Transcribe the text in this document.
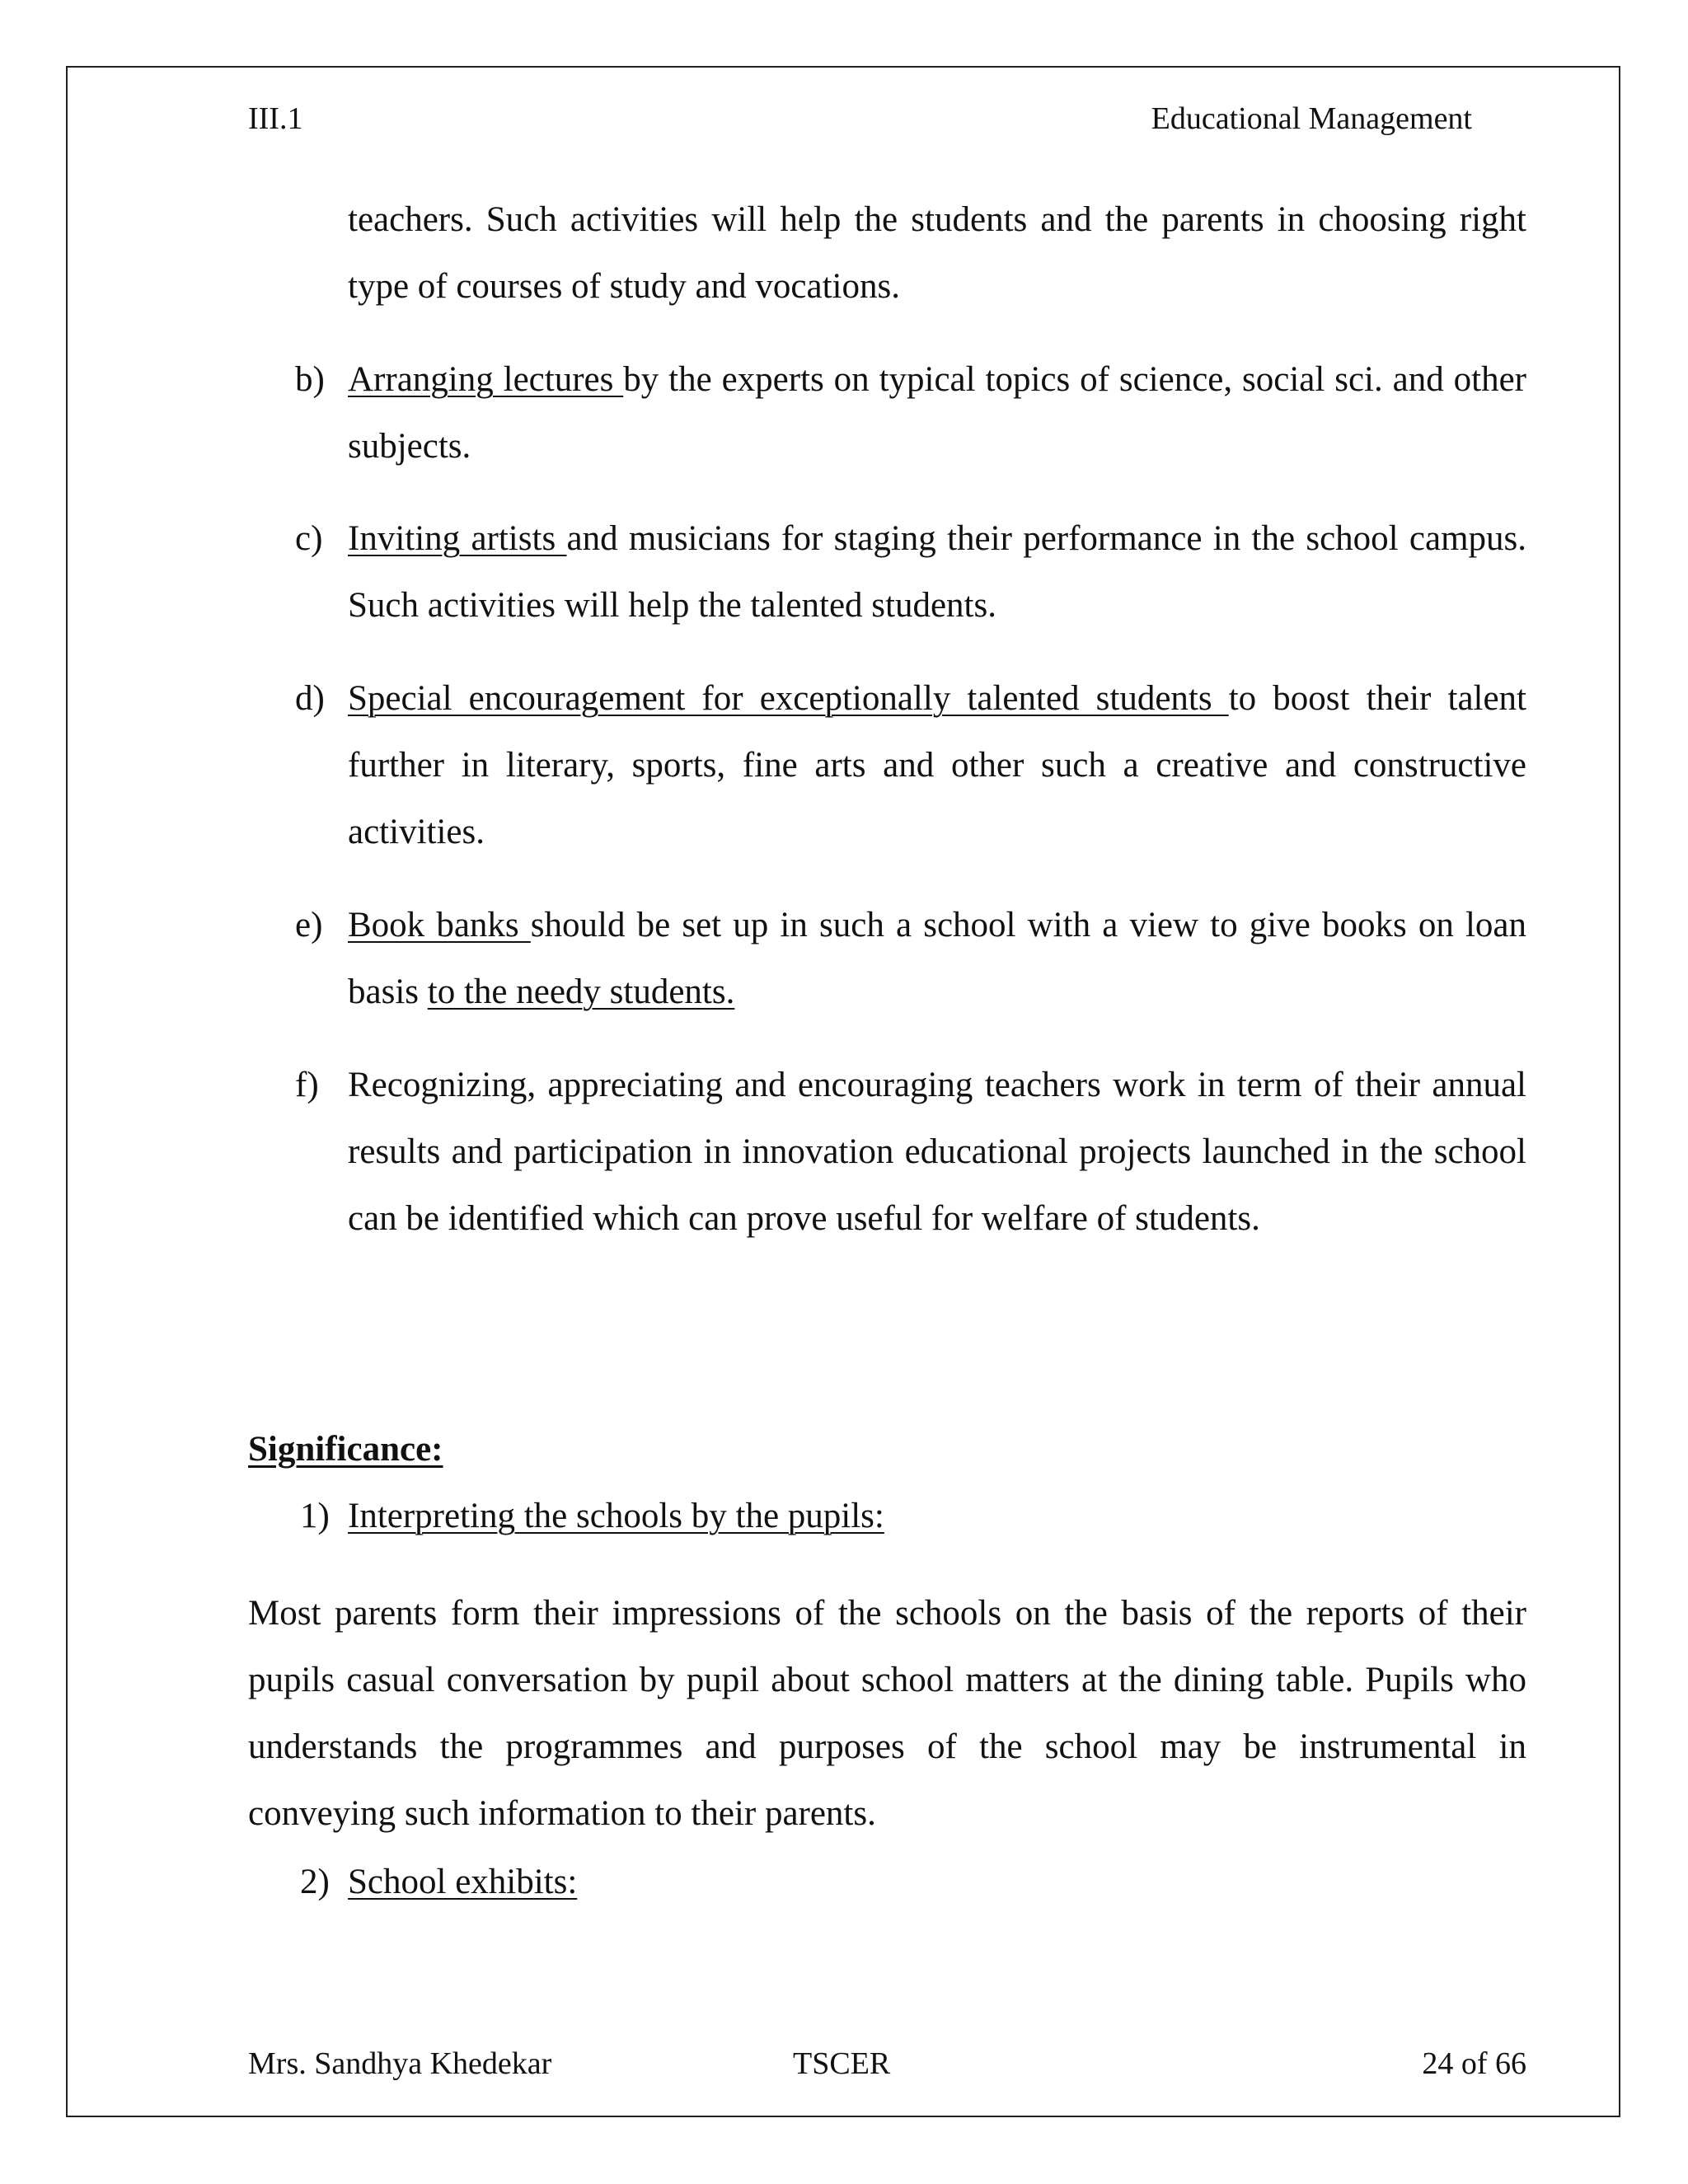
III.1	Educational Management
teachers. Such activities will help the students and the parents in choosing right type of courses of study and vocations.
b) Arranging lectures by the experts on typical topics of science, social sci. and other subjects.
c) Inviting artists and musicians for staging their performance in the school campus. Such activities will help the talented students.
d) Special encouragement for exceptionally talented students to boost their talent further in literary, sports, fine arts and other such a creative and constructive activities.
e) Book banks should be set up in such a school with a view to give books on loan basis to the needy students.
f) Recognizing, appreciating and encouraging teachers work in term of their annual results and participation in innovation educational projects launched in the school can be identified which can prove useful for welfare of students.
Significance:
1) Interpreting the schools by the pupils:
Most parents form their impressions of the schools on the basis of the reports of their pupils casual conversation by pupil about school matters at the dining table. Pupils who understands the programmes and purposes of the school may be instrumental in conveying such information to their parents.
2) School exhibits:
Mrs. Sandhya Khedekar	TSCER	24 of 66
